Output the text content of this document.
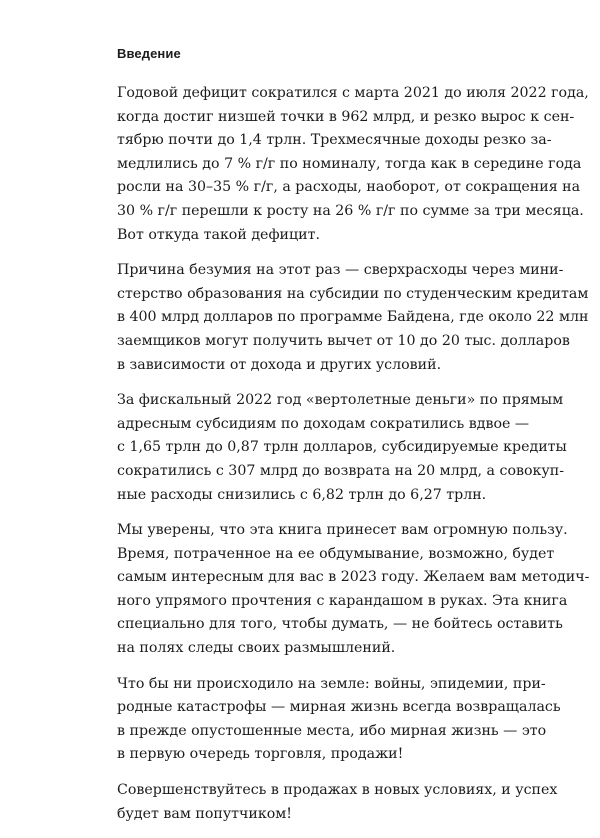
Введение

Годовой дефицит сократился с марта 2021 до июля 2022 года,
когда достиг низшей точки в 962 млрд, и резко вырос к сен-
тябрю почти до 1,4 трлн. Трехмесячные доходы резко за-
медлились до 7 % г/г по номиналу, тогда как в середине года
росли на 30–35 % г/г, а расходы, наоборот, от сокращения на
30 % г/г перешли к росту на 26 % г/г по сумме за три месяца.
Вот откуда такой дефицит.

Причина безумия на этот раз — сверхрасходы через мини-
стерство образования на субсидии по студенческим кредитам
в 400 млрд долларов по программе Байдена, где около 22 млн
заемщиков могут получить вычет от 10 до 20 тыс. долларов
в зависимости от дохода и других условий.

За фискальный 2022 год «вертолетные деньги» по прямым
адресным субсидиям по доходам сократились вдвое —
с 1,65 трлн до 0,87 трлн долларов, субсидируемые кредиты
сократились с 307 млрд до возврата на 20 млрд, а совокуп-
ные расходы снизились с 6,82 трлн до 6,27 трлн.

Мы уверены, что эта книга принесет вам огромную пользу.
Время, потраченное на ее обдумывание, возможно, будет
самым интересным для вас в 2023 году. Желаем вам методич-
ного упрямого прочтения с карандашом в руках. Эта книга
специально для того, чтобы думать, — не бойтесь оставить
на полях следы своих размышлений.

Что бы ни происходило на земле: войны, эпидемии, при-
родные катастрофы — мирная жизнь всегда возвращалась
в прежде опустошенные места, ибо мирная жизнь — это
в первую очередь торговля, продажи!

Совершенствуйтесь в продажах в новых условиях, и успех
будет вам попутчиком!
